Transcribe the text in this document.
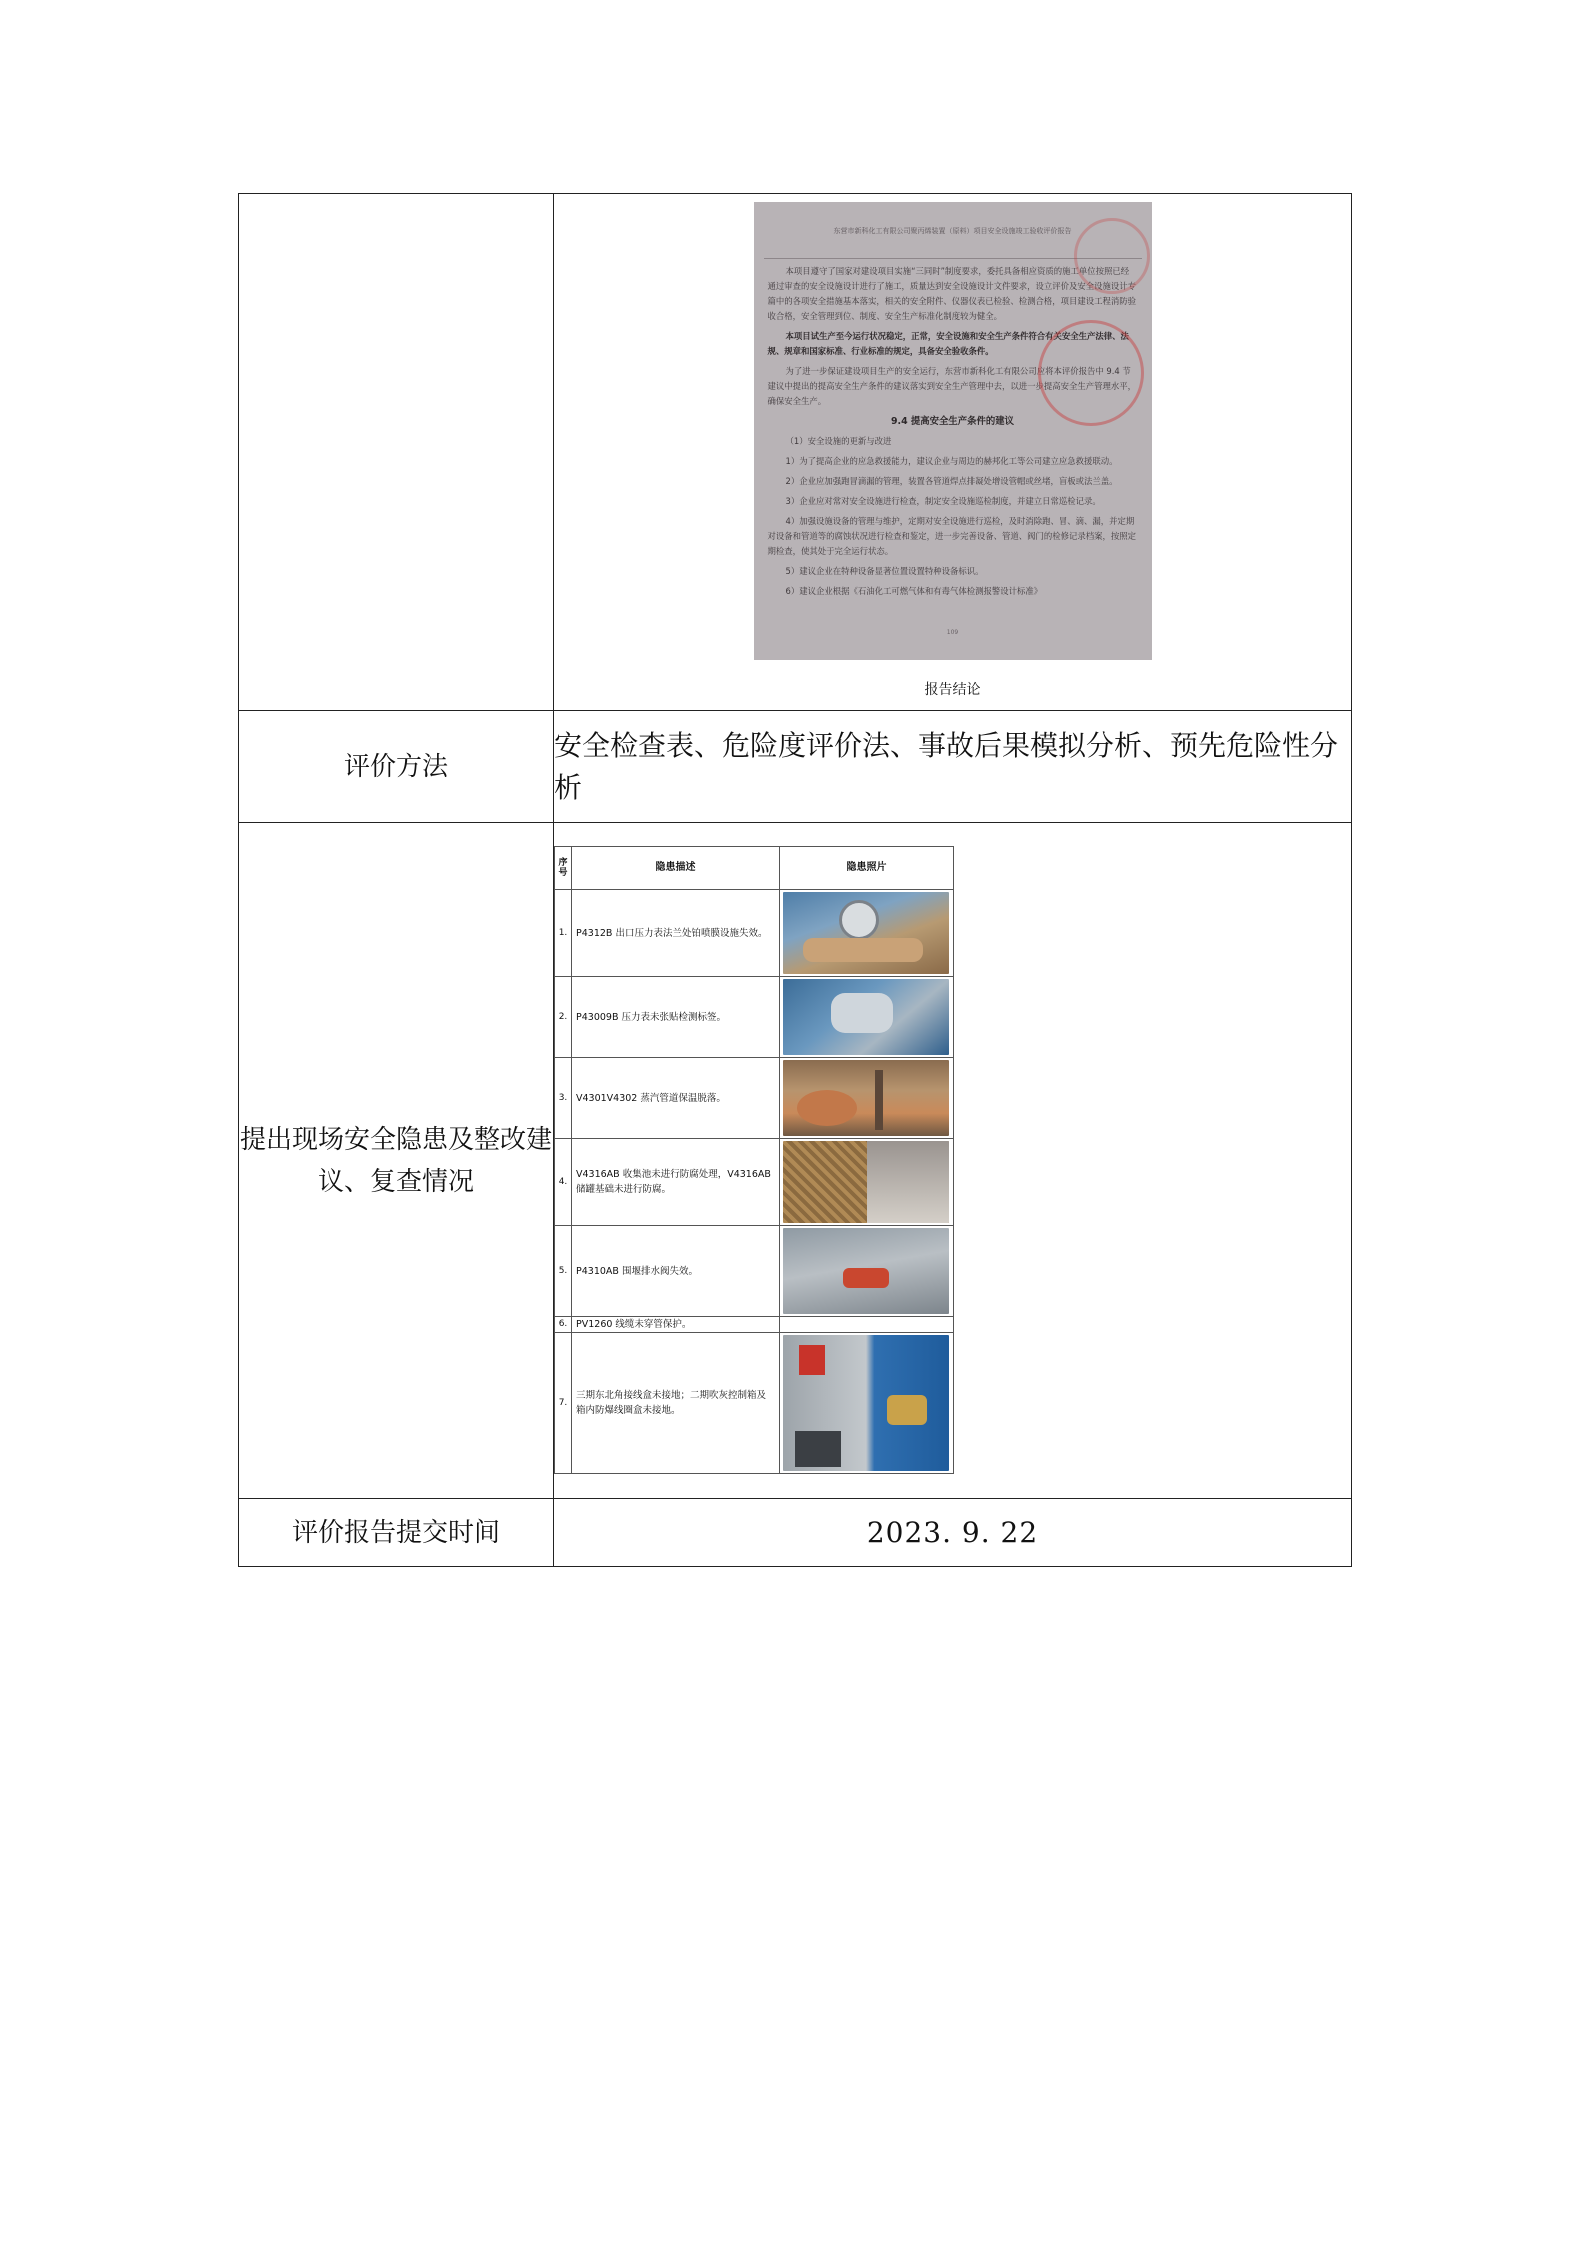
东营市新科化工有限公司聚丙烯装置（原料）项目安全设施竣工验收评价报告

本项目遵守了国家对建设项目实施“三同时”制度要求，委托具备相应资质的施工单位按照已经通过审查的安全设施设计进行了施工，质量达到安全设施设计文件要求，设立评价及安全设施设计专篇中的各项安全措施基本落实，相关的安全附件、仪器仪表已检验、检测合格，项目建设工程消防验收合格，安全管理到位、制度、安全生产标准化制度较为健全。

本项目试生产至今运行状况稳定，正常，安全设施和安全生产条件符合有关安全生产法律、法规、规章和国家标准、行业标准的规定，具备安全验收条件。

为了进一步保证建设项目生产的安全运行，东营市新科化工有限公司应将本评价报告中 9.4 节建议中提出的提高安全生产条件的建议落实到安全生产管理中去，以进一步提高安全生产管理水平，确保安全生产。

9.4 提高安全生产条件的建议

（1）安全设施的更新与改进

1）为了提高企业的应急救援能力，建议企业与周边的赫邦化工等公司建立应急救援联动。

2）企业应加强跑冒滴漏的管理，装置各管道焊点排凝处增设管帽或丝堵，盲板或法兰盖。

3）企业应对常对安全设施进行检查，制定安全设施巡检制度，并建立日常巡检记录。

4）加强设施设备的管理与维护，定期对安全设施进行巡检，及时消除跑、冒、滴、漏，并定期对设备和管道等的腐蚀状况进行检查和鉴定，进一步完善设备、管道、阀门的检修记录档案，按照定期检查，使其处于完全运行状态。

5）建议企业在特种设备显著位置设置特种设备标识。

6）建议企业根据《石油化工可燃气体和有毒气体检测报警设计标准》

109
报告结论

评价方法	安全检查表、危险度评价法、事故后果模拟分析、预先危险性分析
提出现场安全隐患及整改建议、复查情况	
序号	隐患描述	隐患照片
1.	P4312B 出口压力表法兰处铂喷膜设施失效。	

2.	P43009B 压力表未张贴检测标签。	

3.	V4301V4302 蒸汽管道保温脱落。	

4.	V4316AB 收集池未进行防腐处理，V4316AB 储罐基础未进行防腐。	

5.	P4310AB 围堰排水阀失效。	

6.	PV1260 线缆未穿管保护。	
7.	三期东北角接线盒未接地；二期吹灰控制箱及箱内防爆线圈盒未接地。	

评价报告提交时间	2023. 9. 22
